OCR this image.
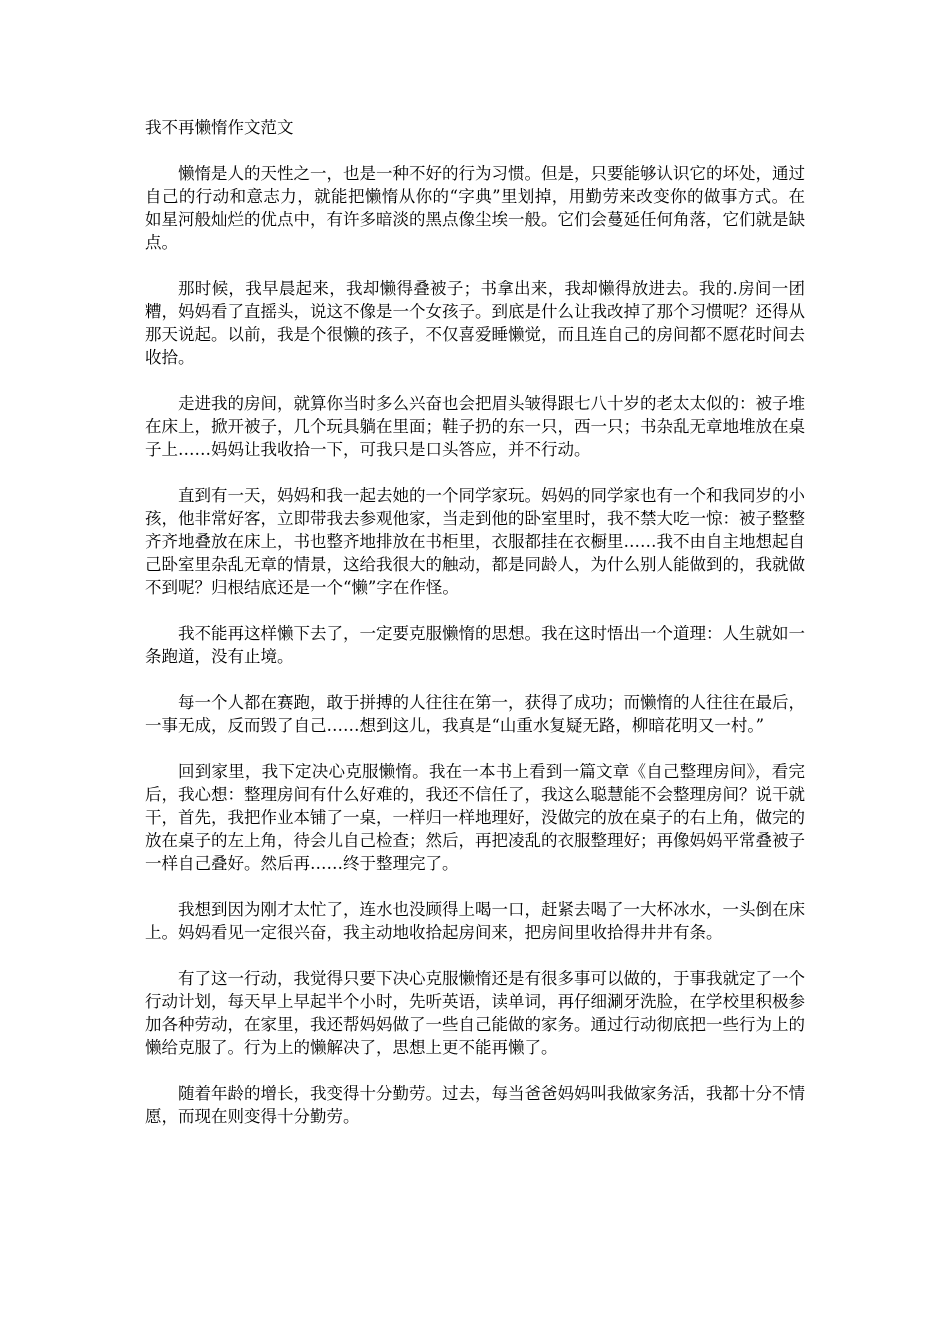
我不再懒惰作文范文

懒惰是人的天性之一，也是一种不好的行为习惯。但是，只要能够认识它的坏处，通过自己的行动和意志力，就能把懒惰从你的“字典”里划掉，用勤劳来改变你的做事方式。在如星河般灿烂的优点中，有许多暗淡的黑点像尘埃一般。它们会蔓延任何角落，它们就是缺点。

那时候，我早晨起来，我却懒得叠被子；书拿出来，我却懒得放进去。我的.房间一团糟，妈妈看了直摇头，说这不像是一个女孩子。到底是什么让我改掉了那个习惯呢？还得从那天说起。以前，我是个很懒的孩子，不仅喜爱睡懒觉，而且连自己的房间都不愿花时间去收拾。

走进我的房间，就算你当时多么兴奋也会把眉头皱得跟七八十岁的老太太似的：被子堆在床上，掀开被子，几个玩具躺在里面；鞋子扔的东一只，西一只；书杂乱无章地堆放在桌子上……妈妈让我收拾一下，可我只是口头答应，并不行动。

直到有一天，妈妈和我一起去她的一个同学家玩。妈妈的同学家也有一个和我同岁的小孩，他非常好客，立即带我去参观他家，当走到他的卧室里时，我不禁大吃一惊：被子整整齐齐地叠放在床上，书也整齐地排放在书柜里，衣服都挂在衣橱里……我不由自主地想起自己卧室里杂乱无章的情景，这给我很大的触动，都是同龄人，为什么别人能做到的，我就做不到呢？归根结底还是一个“懒”字在作怪。

我不能再这样懒下去了，一定要克服懒惰的思想。我在这时悟出一个道理：人生就如一条跑道，没有止境。

每一个人都在赛跑，敢于拼搏的人往往在第一，获得了成功；而懒惰的人往往在最后，一事无成，反而毁了自己……想到这儿，我真是“山重水复疑无路，柳暗花明又一村。”

回到家里，我下定决心克服懒惰。我在一本书上看到一篇文章《自己整理房间》，看完后，我心想：整理房间有什么好难的，我还不信任了，我这么聪慧能不会整理房间？说干就干，首先，我把作业本铺了一桌，一样归一样地理好，没做完的放在桌子的右上角，做完的放在桌子的左上角，待会儿自己检查；然后，再把凌乱的衣服整理好；再像妈妈平常叠被子一样自己叠好。然后再……终于整理完了。

我想到因为刚才太忙了，连水也没顾得上喝一口，赶紧去喝了一大杯冰水，一头倒在床上。妈妈看见一定很兴奋，我主动地收拾起房间来，把房间里收拾得井井有条。

有了这一行动，我觉得只要下决心克服懒惰还是有很多事可以做的，于事我就定了一个行动计划，每天早上早起半个小时，先听英语，读单词，再仔细涮牙洗脸，在学校里积极参加各种劳动，在家里，我还帮妈妈做了一些自己能做的家务。通过行动彻底把一些行为上的懒给克服了。行为上的懒解决了，思想上更不能再懒了。

随着年龄的增长，我变得十分勤劳。过去，每当爸爸妈妈叫我做家务活，我都十分不情愿，而现在则变得十分勤劳。
